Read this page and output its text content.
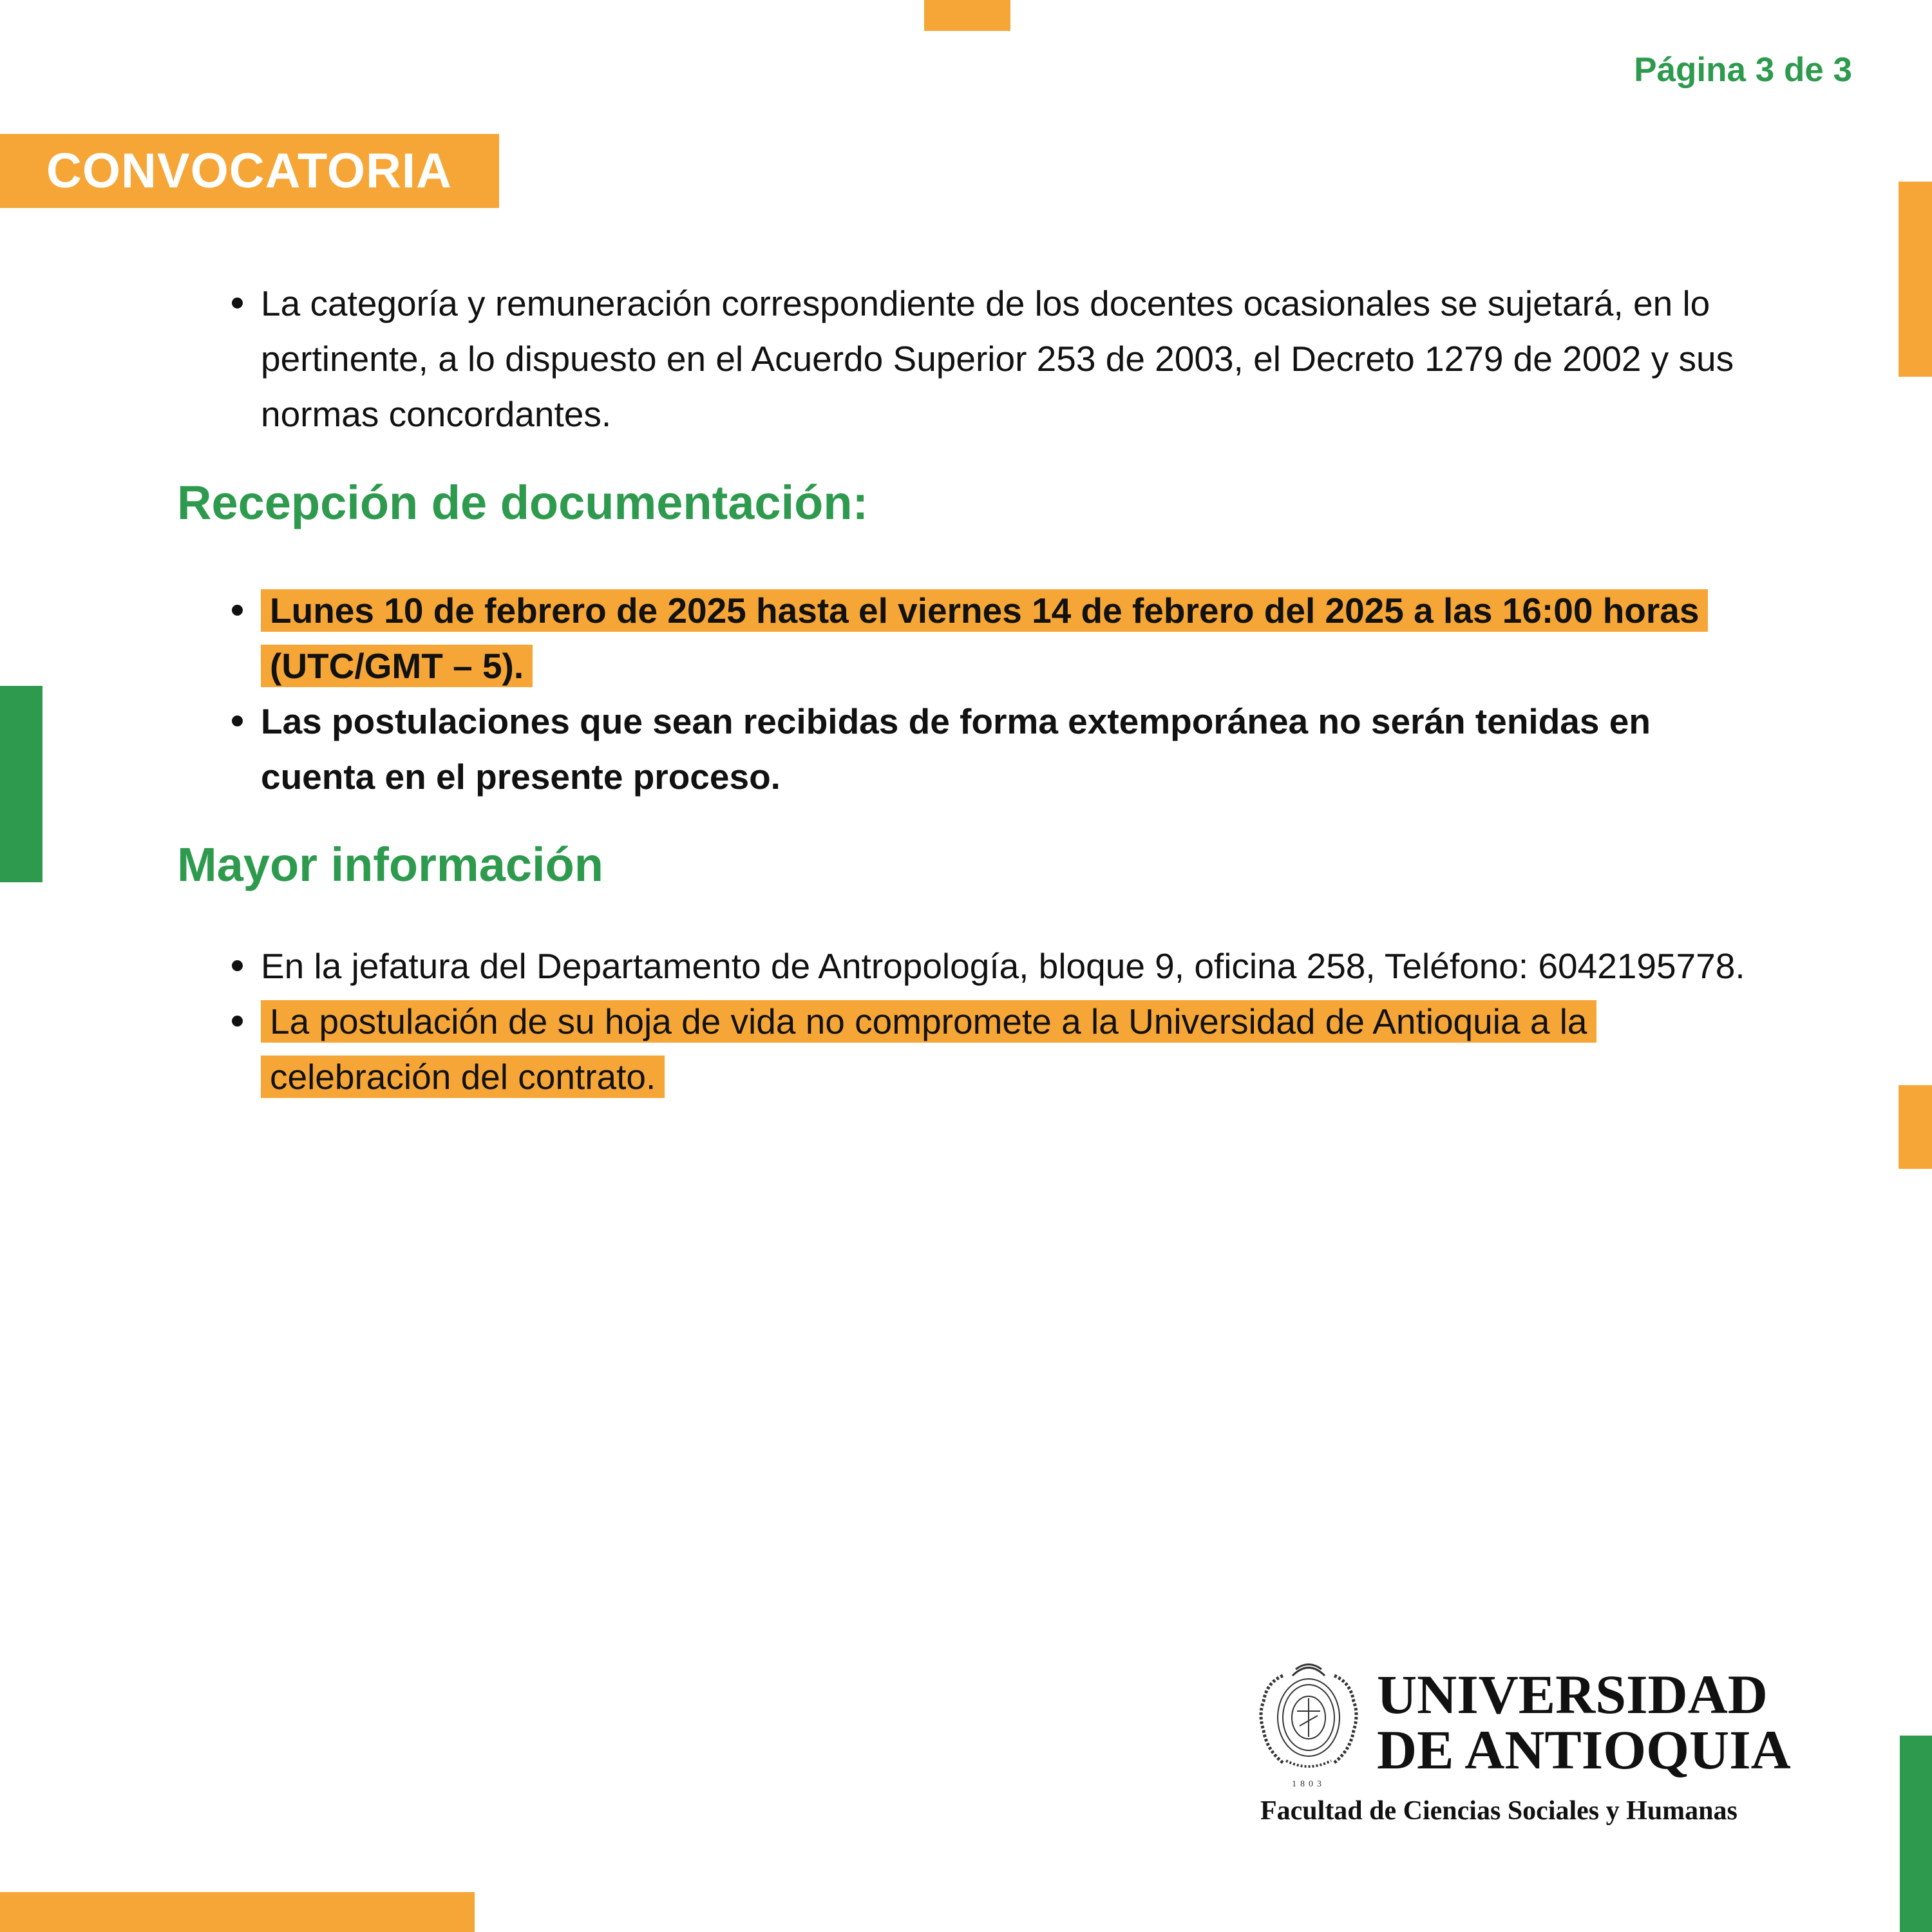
Página 3 de 3
CONVOCATORIA
La categoría y remuneración correspondiente de los docentes ocasionales se sujetará, en lo pertinente, a lo dispuesto en el Acuerdo Superior 253 de 2003, el Decreto 1279 de 2002 y sus normas concordantes.
Recepción de documentación:
Lunes 10 de febrero de 2025 hasta el viernes 14 de febrero del 2025 a las 16:00 horas (UTC/GMT – 5).
Las postulaciones que sean recibidas de forma extemporánea no serán tenidas en cuenta en el presente proceso.
Mayor información
En la jefatura del Departamento de Antropología, bloque 9, oficina 258, Teléfono: 6042195778.
La postulación de su hoja de vida no compromete a la Universidad de Antioquia a la celebración del contrato.
1803
UNIVERSIDAD
DE ANTIOQUIA
Facultad de Ciencias Sociales y Humanas
